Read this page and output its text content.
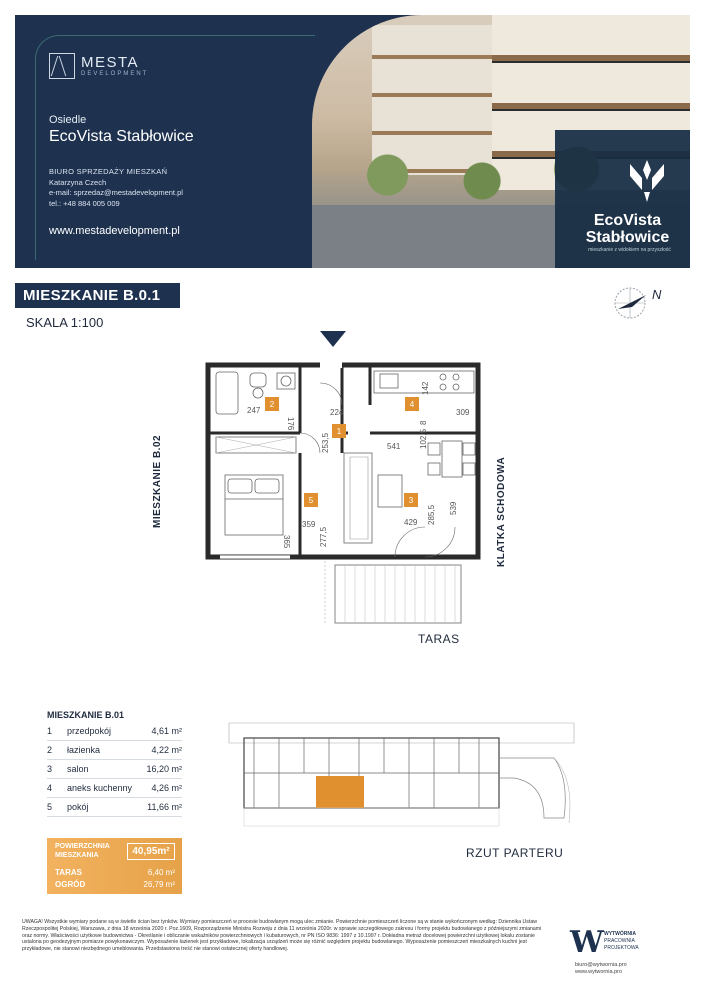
MESTA
DEVELOPMENT
Osiedle
EcoVista Stabłowice
BIURO SPRZEDAŻY MIESZKAŃ
Katarzyna Czech
e-mail: sprzedaz@mestadevelopment.pl
tel.: +48 884 005 009
www.mestadevelopment.pl
EcoVista
Stabłowice
mieszkanie z widokiem na przyszłość
MIESZKANIE B.0.1
SKALA 1:100
N
2
1
3
4
5
247
176
224
142
309
253,5	102,5
8
541
359
365	277,5
429 285,5 539
MIESZKANIE B.02	KLATKA SCHODOWA
TARAS
MIESZKANIE B.01
1	przedpokój	4,61 m²
2	łazienka	4,22 m²
3	salon	16,20 m²
4	aneks kuchenny	4,26 m²
5	pokój	11,66 m²
POWIERZCHNIA
MIESZKANIA	40,95m²
TARAS	6,40 m²
OGRÓD	26,79 m²
RZUT PARTERU
UWAGA! Wszystkie wymiary podane są w świetle ścian bez tynków. Wymiary pomieszczeń w procesie budowlanym mogą ulec zmianie. Powierzchnie pomieszczeń liczone są w stanie wykończonym według: Dziennika Ustaw Rzeczpospolitej Polskiej, Warszawa, z dnia 18 września 2020 r. Poz.1609, Rozporządzenie Ministra Rozwoju z dnia 11 września 2020r. w sprawie szczegółowego zakresu i formy projektu budowlanego z późniejszymi zmianami oraz normy. Właściwości użytkowe budownictwa - Określanie i obliczanie wskaźników powierzchniowych i kubaturowych, nr PN ISO 9836: 1997 z 10.1997 r. Dokładna metraż docelowej powierzchni użytkowej lokalu zostanie ustalona po geodezyjnym pomiarze powykonawczym. Wyposażenie łazienek jest przykładowe, lokalizacja urządzeń może się różnić względem projektu budowlanego. Wyposażenie pomieszczeń mieszkalnych kuchni jest przykładowe, nie stanowi niezbędnego umeblowania. Przedstawiona treść nie stanowi ostatecznej oferty handlowej.	W WYTWÓRNIA
PRACOWNIA
PROJEKTOWA
biuro@wytwornia.pro
www.wytwornia.pro
